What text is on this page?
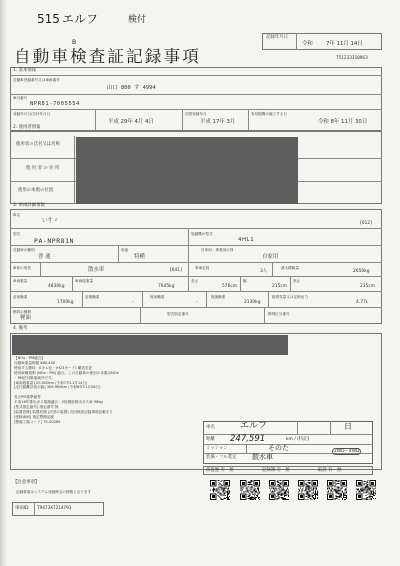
515 エルフ	検付
B
自動車検査証記録事項
記録年月日
令和 7年 11月 14日
751233310963
1. 基本情報
自動車登録番号又は車両番号
山口 800 す 4994
車台番号
NPR81-7005554
登録年月日/交付年月日
平成 29年 4月 4日
初度登録年月
平成 17年 3月
有効期間の満了する日
令和 8年 11月 30日
2. 使用者情報
使用者の氏名又は名称
使 用 者 の 住 所
使用の本拠の位置
3. 車両詳細情報
車名
いすゞ	[012]
型式
PA-NPR81N
原動機の型式
4HL1
自動車の種別
普 通
用途
特種
自家用・事業用の別
自家用
車体の形状	散水車	[641]	乗車定員
3人
最大積載量
2650kg
車両重量
4830kg
車両総重量
7645kg
長さ
576cm
幅
215cm
高さ
235cm
前前軸重
1700kg
前後軸重
-
後前軸重
-
後後軸重
2130kg
総排気量又は定格出力
4.77L
燃料の種類
軽油
型式指定番号	類別区分番号
4. 備考
【NOx・PM適合】
自動車重量税額 ¥80,400
使用する燃料：Eキル社・(H23モード) 構造変更
使用車種規制 (NOx・PM) 適合。この自動車の使用の本拠はNOx
・PM法対策地域外です。
[車両総重量] 20,000km (令和7年11月14日)
[走行距離計表示値] 309,900km (令和6年11月28日)
長さPM基準値等
平成16年排出ガス規制適合・2段階低排出ガス車 98kg
[型式指定番号] 指定番号 無
[装置有無] 装置有無 (次回の装置) 次回検査記録事項記載あり
[受検車両] 指定整備記録
[整備工場コード] 75-00389
車名	エルフ	日
距離 247,591	km / (特記)
ミッション	そのた	2WD・4WD
装備・フル装定 散水車
修復歴 有・無	記録簿 有・無	取説 有・無
【注意事項】
記録事項はシステム登録時点の情報となります
車両ID T9473X7214791
